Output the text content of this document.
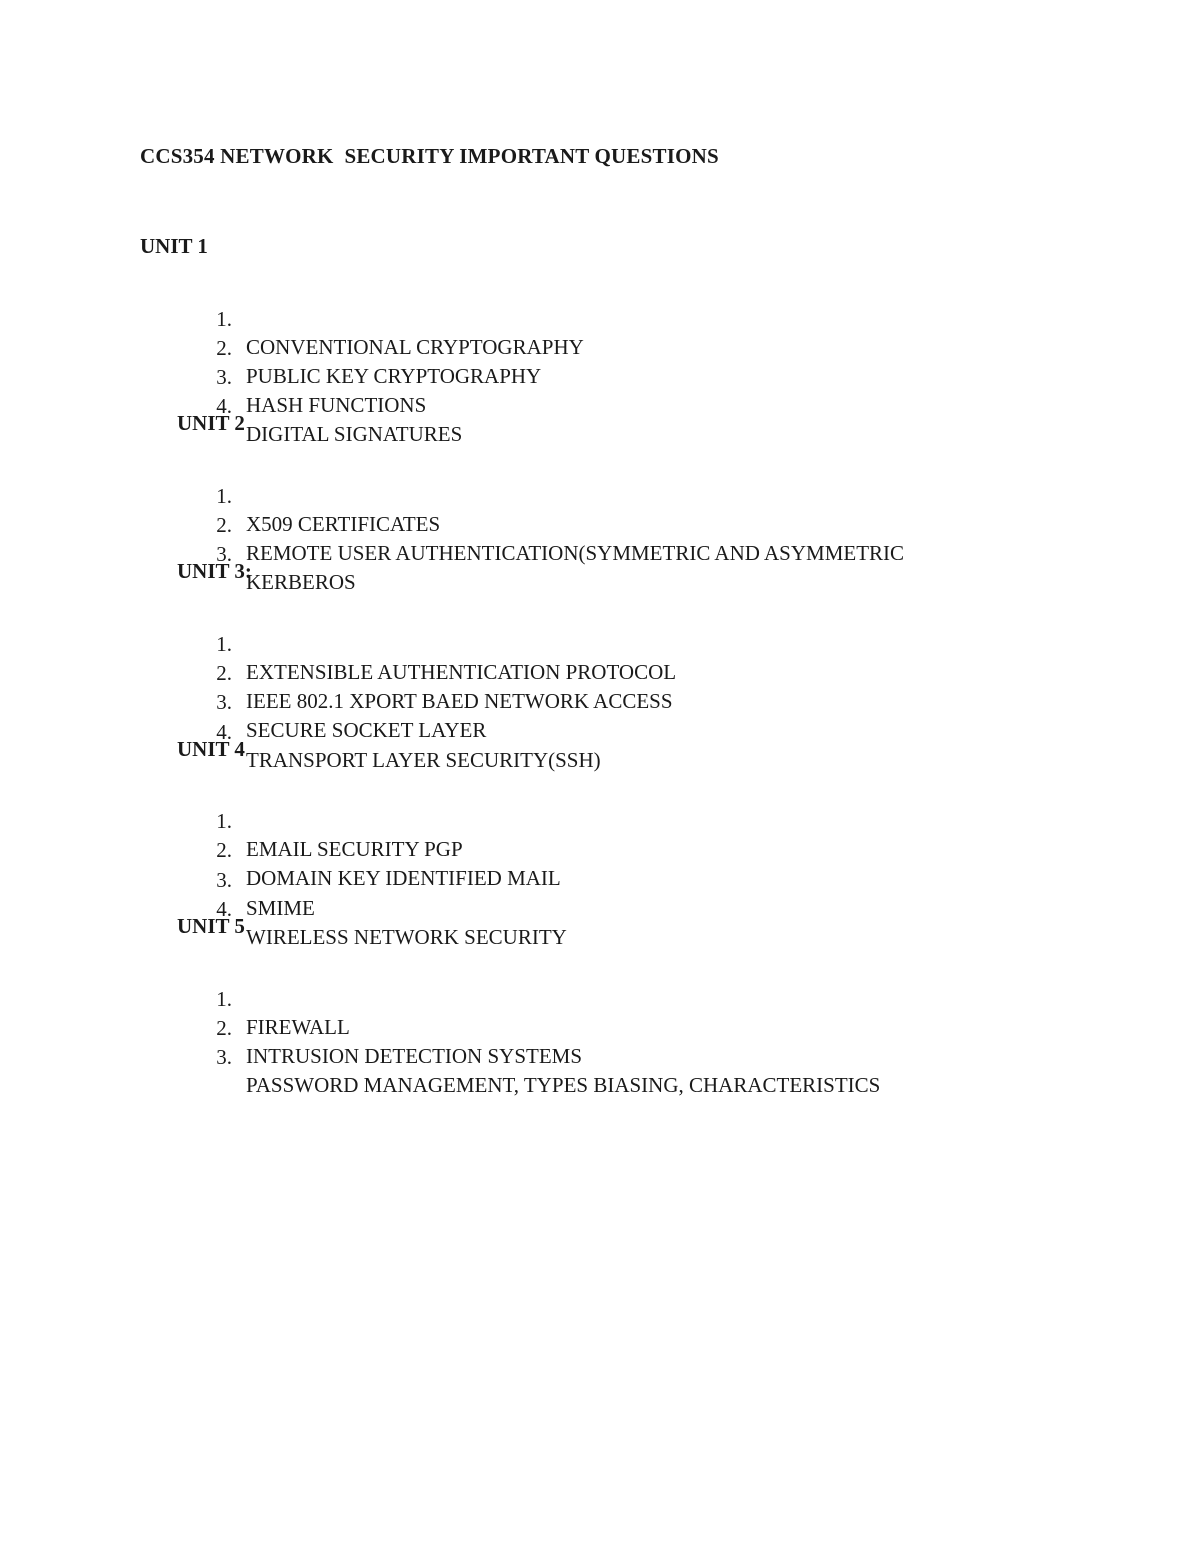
CCS354 NETWORK  SECURITY IMPORTANT QUESTIONS
UNIT 1

1.

CONVENTIONAL CRYPTOGRAPHY

2.

PUBLIC KEY CRYPTOGRAPHY

3.

HASH FUNCTIONS

4.

DIGITAL SIGNATURES

UNIT 2

1.

X509 CERTIFICATES

2.

REMOTE USER AUTHENTICATION(SYMMETRIC AND ASYMMETRIC

3.

KERBEROS

UNIT 3:

1.

EXTENSIBLE AUTHENTICATION PROTOCOL

2.

IEEE 802.1 XPORT BAED NETWORK ACCESS

3.

SECURE SOCKET LAYER

4.

TRANSPORT LAYER SECURITY(SSH)

UNIT 4

1.

EMAIL SECURITY PGP

2.

DOMAIN KEY IDENTIFIED MAIL

3.

SMIME

4.

WIRELESS NETWORK SECURITY

UNIT 5

1.

FIREWALL

2.

INTRUSION DETECTION SYSTEMS

3.

PASSWORD MANAGEMENT, TYPES BIASING, CHARACTERISTICS
